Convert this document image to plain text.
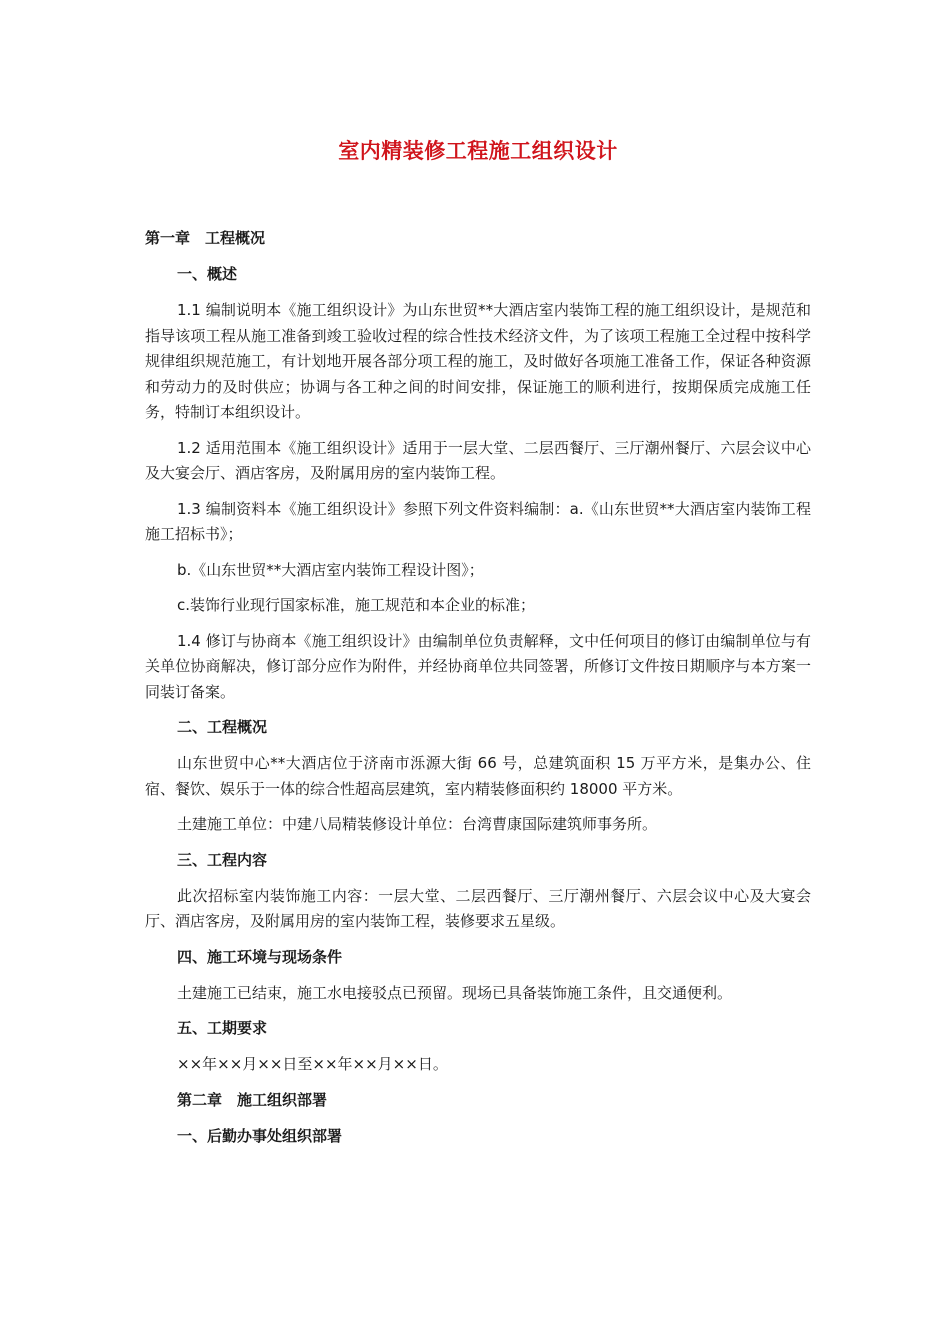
室内精装修工程施工组织设计
第一章　工程概况
一、概述

1.1 编制说明本《施工组织设计》为山东世贸**大酒店室内装饰工程的施工组织设计，是规范和指导该项工程从施工准备到竣工验收过程的综合性技术经济文件，为了该项工程施工全过程中按科学规律组织规范施工，有计划地开展各部分项工程的施工，及时做好各项施工准备工作，保证各种资源和劳动力的及时供应；协调与各工种之间的时间安排，保证施工的顺利进行，按期保质完成施工任务，特制订本组织设计。

1.2 适用范围本《施工组织设计》适用于一层大堂、二层西餐厅、三厅潮州餐厅、六层会议中心及大宴会厅、酒店客房，及附属用房的室内装饰工程。

1.3 编制资料本《施工组织设计》参照下列文件资料编制：a.《山东世贸**大酒店室内装饰工程施工招标书》；

b.《山东世贸**大酒店室内装饰工程设计图》；

c.装饰行业现行国家标准，施工规范和本企业的标准；

1.4 修订与协商本《施工组织设计》由编制单位负责解释，文中任何项目的修订由编制单位与有关单位协商解决，修订部分应作为附件，并经协商单位共同签署，所修订文件按日期顺序与本方案一同装订备案。

二、工程概况

山东世贸中心**大酒店位于济南市泺源大街 66 号，总建筑面积 15 万平方米，是集办公、住宿、餐饮、娱乐于一体的综合性超高层建筑，室内精装修面积约 18000 平方米。

土建施工单位：中建八局精装修设计单位：台湾曹康国际建筑师事务所。

三、工程内容

此次招标室内装饰施工内容：一层大堂、二层西餐厅、三厅潮州餐厅、六层会议中心及大宴会厅、酒店客房，及附属用房的室内装饰工程，装修要求五星级。

四、施工环境与现场条件

土建施工已结束，施工水电接驳点已预留。现场已具备装饰施工条件，且交通便利。

五、工期要求

××年××月××日至××年××月××日。

第二章　施工组织部署
一、后勤办事处组织部署
